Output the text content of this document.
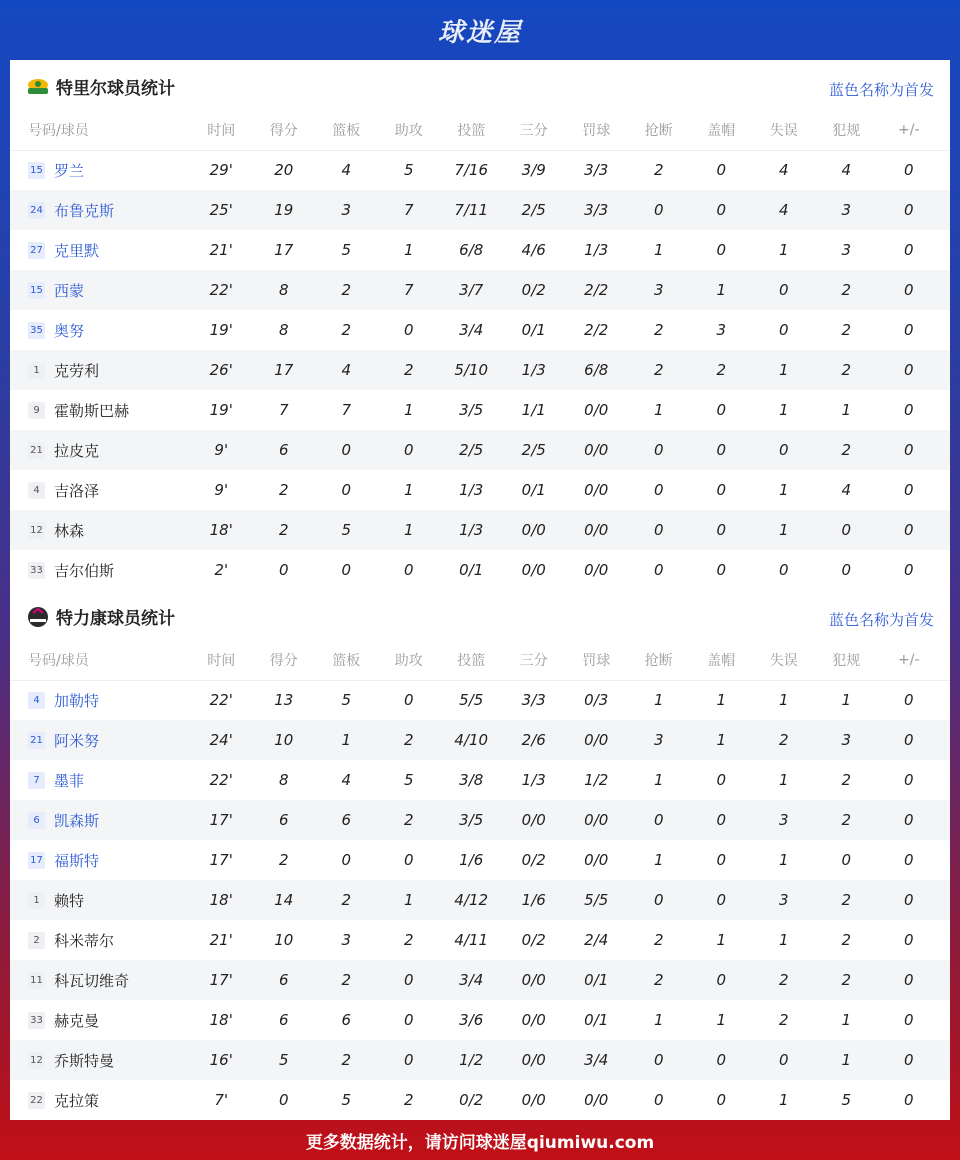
球迷屋
特里尔球员统计	蓝色名称为首发
号码/球员	时间	得分	篮板	助攻	投篮	三分	罚球	抢断	盖帽	失误	犯规	+/-
15 罗兰	29'	20	4	5	7/16	3/9	3/3	2	0	4	4	0
24 布鲁克斯	25'	19	3	7	7/11	2/5	3/3	0	0	4	3	0
27 克里默	21'	17	5	1	6/8	4/6	1/3	1	0	1	3	0
15 西蒙	22'	8	2	7	3/7	0/2	2/2	3	1	0	2	0
35 奥努	19'	8	2	0	3/4	0/1	2/2	2	3	0	2	0
1 克劳利	26'	17	4	2	5/10	1/3	6/8	2	2	1	2	0
9 霍勒斯巴赫	19'	7	7	1	3/5	1/1	0/0	1	0	1	1	0
21 拉皮克	9'	6	0	0	2/5	2/5	0/0	0	0	0	2	0
4 吉洛泽	9'	2	0	1	1/3	0/1	0/0	0	0	1	4	0
12 林森	18'	2	5	1	1/3	0/0	0/0	0	0	1	0	0
33 吉尔伯斯	2'	0	0	0	0/1	0/0	0/0	0	0	0	0	0
特力康球员统计	蓝色名称为首发
号码/球员	时间	得分	篮板	助攻	投篮	三分	罚球	抢断	盖帽	失误	犯规	+/-
4 加勒特	22'	13	5	0	5/5	3/3	0/3	1	1	1	1	0
21 阿米努	24'	10	1	2	4/10	2/6	0/0	3	1	2	3	0
7 墨菲	22'	8	4	5	3/8	1/3	1/2	1	0	1	2	0
6 凯森斯	17'	6	6	2	3/5	0/0	0/0	0	0	3	2	0
17 福斯特	17'	2	0	0	1/6	0/2	0/0	1	0	1	0	0
1 赖特	18'	14	2	1	4/12	1/6	5/5	0	0	3	2	0
2 科米蒂尔	21'	10	3	2	4/11	0/2	2/4	2	1	1	2	0
11 科瓦切维奇	17'	6	2	0	3/4	0/0	0/1	2	0	2	2	0
33 赫克曼	18'	6	6	0	3/6	0/0	0/1	1	1	2	1	0
12 乔斯特曼	16'	5	2	0	1/2	0/0	3/4	0	0	0	1	0
22 克拉策	7'	0	5	2	0/2	0/0	0/0	0	0	1	5	0
更多数据统计，请访问球迷屋qiumiwu.com
